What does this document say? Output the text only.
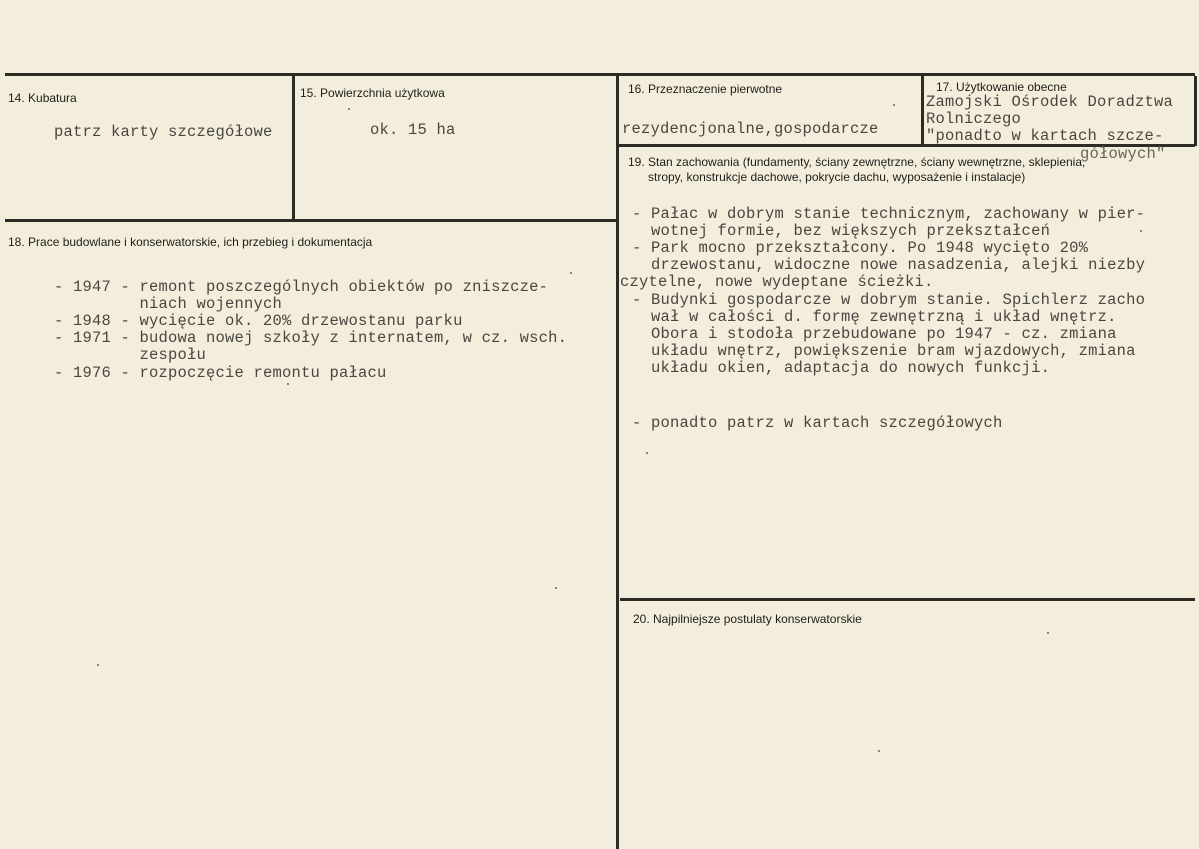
14. Kubatura
patrz karty szczegółowe
15. Powierzchnia użytkowa
ok. 15 ha
16. Przeznaczenie pierwotne
rezydencjonalne,gospodarcze
17. Użytkowanie obecne
Zamojski Ośrodek Doradztwa
Rolniczego
"ponadto w kartach szcze-
gółowych"
18. Prace budowlane i konserwatorskie, ich przebieg i dokumentacja
- 1947 - remont poszczególnych obiektów po zniszcze-
niach wojennych
- 1948 - wycięcie ok. 20% drzewostanu parku
- 1971 - budowa nowej szkoły z internatem, w cz. wsch.
zespołu
- 1976 - rozpoczęcie remontu pałacu
19. Stan zachowania (fundamenty, ściany zewnętrzne, ściany wewnętrzne, sklepienia,
stropy, konstrukcje dachowe, pokrycie dachu, wyposażenie i instalacje)
- Pałac w dobrym stanie technicznym, zachowany w pier-
wotnej formie, bez większych przekształceń
- Park mocno przekształcony. Po 1948 wycięto 20%
drzewostanu, widoczne nowe nasadzenia, alejki niezby
czytelne, nowe wydeptane ścieżki.
- Budynki gospodarcze w dobrym stanie. Spichlerz zacho
wał w całości d. formę zewnętrzną i układ wnętrz.
Obora i stodoła przebudowane po 1947 - cz. zmiana
układu wnętrz, powiększenie bram wjazdowych, zmiana
układu okien, adaptacja do nowych funkcji.
- ponadto patrz w kartach szczegółowych
20. Najpilniejsze postulaty konserwatorskie
